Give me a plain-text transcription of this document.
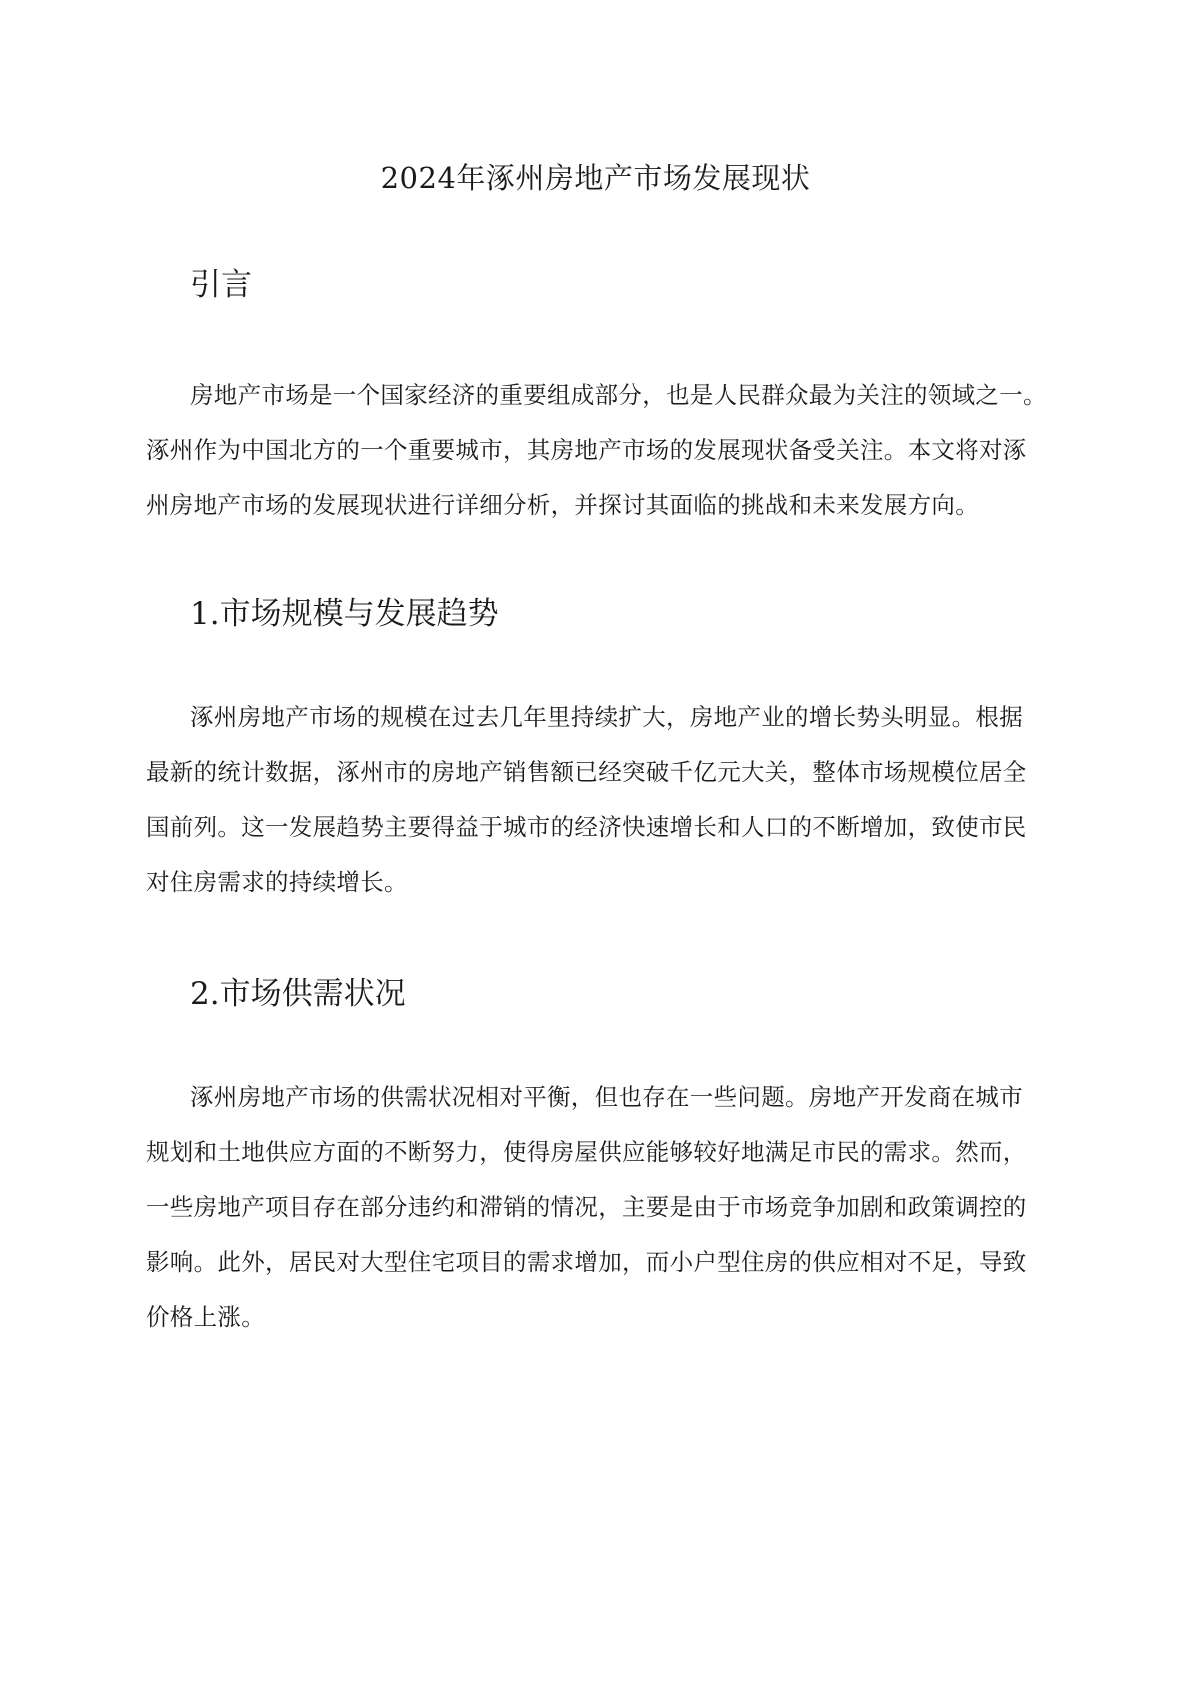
2024年涿州房地产市场发展现状
引言
房地产市场是一个国家经济的重要组成部分，也是人民群众最为关注的领域之一。
涿州作为中国北方的一个重要城市，其房地产市场的发展现状备受关注。本文将对涿
州房地产市场的发展现状进行详细分析，并探讨其面临的挑战和未来发展方向。
1.市场规模与发展趋势
涿州房地产市场的规模在过去几年里持续扩大，房地产业的增长势头明显。根据
最新的统计数据，涿州市的房地产销售额已经突破千亿元大关，整体市场规模位居全
国前列。这一发展趋势主要得益于城市的经济快速增长和人口的不断增加，致使市民
对住房需求的持续增长。
2.市场供需状况
涿州房地产市场的供需状况相对平衡，但也存在一些问题。房地产开发商在城市
规划和土地供应方面的不断努力，使得房屋供应能够较好地满足市民的需求。然而，
一些房地产项目存在部分违约和滞销的情况，主要是由于市场竞争加剧和政策调控的
影响。此外，居民对大型住宅项目的需求增加，而小户型住房的供应相对不足，导致
价格上涨。
